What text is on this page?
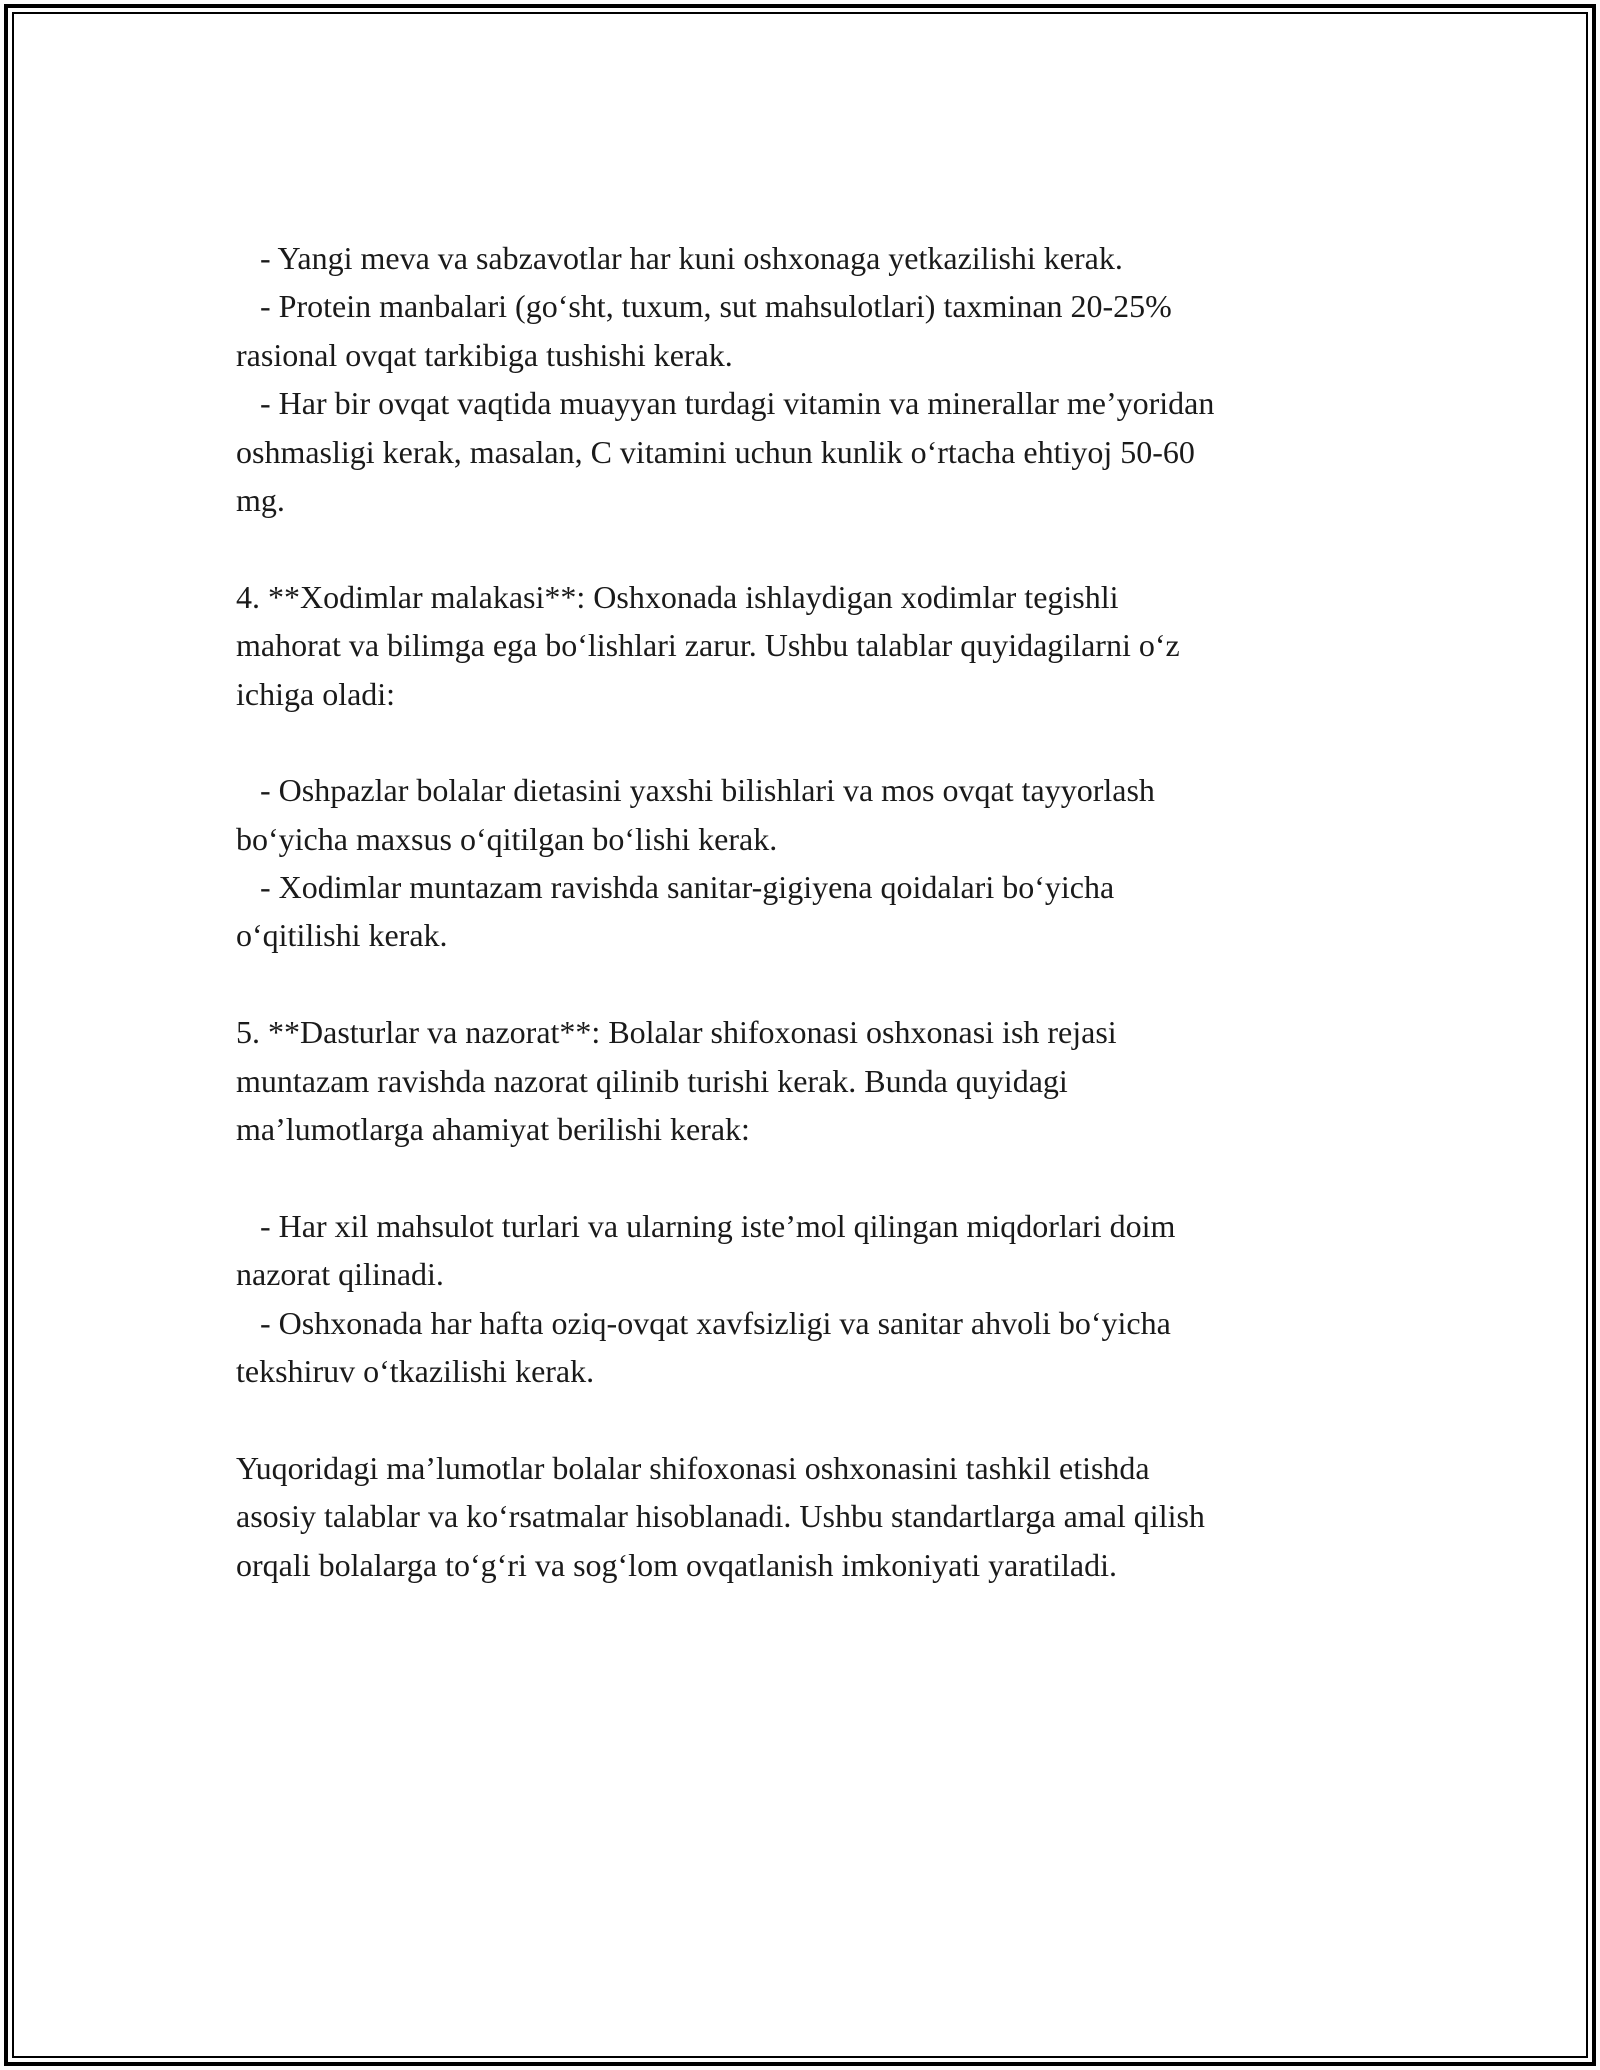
- Yangi meva va sabzavotlar har kuni oshxonaga yetkazilishi kerak.
- Protein manbalari (go‘sht, tuxum, sut mahsulotlari) taxminan 20-25%
rasional ovqat tarkibiga tushishi kerak.
- Har bir ovqat vaqtida muayyan turdagi vitamin va minerallar me’yoridan
oshmasligi kerak, masalan, C vitamini uchun kunlik o‘rtacha ehtiyoj 50-60
mg.
4. **Xodimlar malakasi**: Oshxonada ishlaydigan xodimlar tegishli
mahorat va bilimga ega bo‘lishlari zarur. Ushbu talablar quyidagilarni o‘z
ichiga oladi:
- Oshpazlar bolalar dietasini yaxshi bilishlari va mos ovqat tayyorlash
bo‘yicha maxsus o‘qitilgan bo‘lishi kerak.
- Xodimlar muntazam ravishda sanitar-gigiyena qoidalari bo‘yicha
o‘qitilishi kerak.
5. **Dasturlar va nazorat**: Bolalar shifoxonasi oshxonasi ish rejasi
muntazam ravishda nazorat qilinib turishi kerak. Bunda quyidagi
ma’lumotlarga ahamiyat berilishi kerak:
- Har xil mahsulot turlari va ularning iste’mol qilingan miqdorlari doim
nazorat qilinadi.
- Oshxonada har hafta oziq-ovqat xavfsizligi va sanitar ahvoli bo‘yicha
tekshiruv o‘tkazilishi kerak.
Yuqoridagi ma’lumotlar bolalar shifoxonasi oshxonasini tashkil etishda
asosiy talablar va ko‘rsatmalar hisoblanadi. Ushbu standartlarga amal qilish
orqali bolalarga to‘g‘ri va sog‘lom ovqatlanish imkoniyati yaratiladi.
